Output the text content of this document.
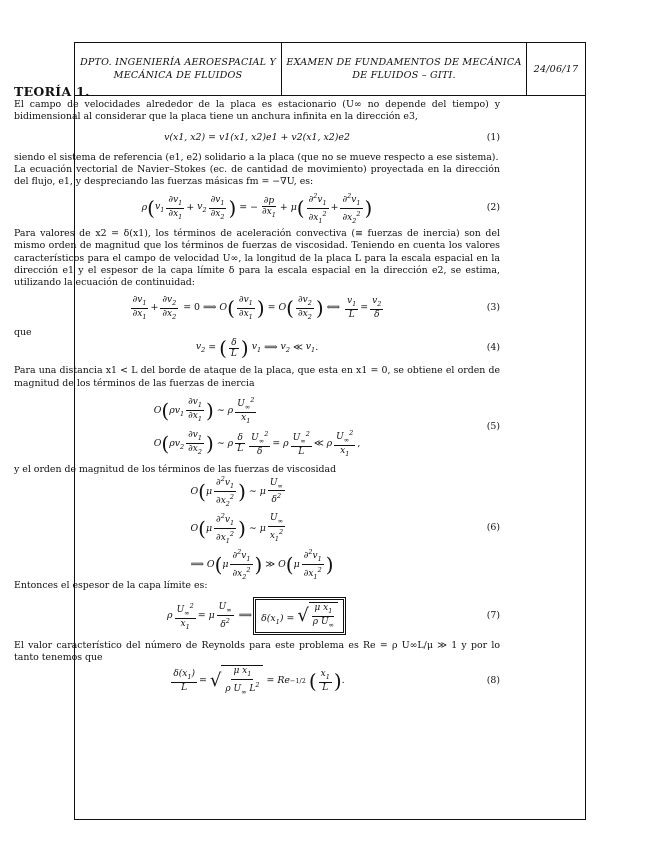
DPTO. INGENIERÍA AEROESPACIAL Y MECÁNICA DE FLUIDOS
EXAMEN DE FUNDAMENTOS DE MECÁNICA DE FLUIDOS – GITI.
24/06/17
TEORÍA 1.

El campo de velocidades alrededor de la placa es estacionario (U∞ no depende del tiempo) y bidimensional al considerar que la placa tiene un anchura infinita en la dirección e3,

v(x1, x2) = v1(x1, x2)e1 + v2(x1, x2)e2	(1)

siendo el sistema de referencia (e1, e2) solidario a la placa (que no se mueve respecto a ese sistema).

La ecuación vectorial de Navier–Stokes (ec. de cantidad de movimiento) proyectada en la dirección del flujo, e1, y despreciando las fuerzas másicas fm = −∇U, es:

ρ ( $v_1 \frac{\partial v_1}{\partial x_1} + v_2 \frac{\partial v_1}{\partial x_2}$ ) = − $\frac{\partial p}{\partial x_1} + \mu$ ( $\frac{\partial^2v_1}{\partial x_1^2} + \frac{\partial^2v_1}{\partial x_2^2}$ )	(2)

Para valores de x2 = δ(x1), los términos de aceleración convectiva (≡ fuerzas de inercia) son del mismo orden de magnitud que los términos de fuerzas de viscosidad. Teniendo en cuenta los valores característicos para el campo de velocidad U∞, la longitud de la placa L para la escala espacial en la dirección e1 y el espesor de la capa límite δ para la escala espacial en la dirección e2, se estima, utilizando la ecuación de continuidad:

$\frac{\partial v_1}{\partial x_1} + \frac{\partial v_2}{\partial x_2} = 0$ ⟹ O ( $\frac{\partial v_1}{\partial x_1}$ ) = O ( $\frac{\partial v_2}{\partial x_2}$ ) ⟺ $\frac{v_1}{L} = \frac{v_2}{\delta}$	(3)

que

$v_2$ = ( $\frac{\delta}{L}$ )
$v_1$ ⟹ $v_2$ ≪ $v_1$ .	(4)

Para una distancia x1 < L del borde de ataque de la placa, que esta en x1 = 0, se obtiene el orden de magnitud de los términos de las fuerzas de inercia

$O(\rho v_1 \frac{\partial v_1}{\partial x_1}$ ) ∼ ρ $\frac{U_\infty^2}{x_1}$
$O(\rho v_2 \frac{\partial v_1}{\partial x_2}$ ) ∼ ρ $\frac{\delta}{L} \frac{U_\infty^2}{\delta} = \rho \frac{U_\infty^2}{L}$ ≪ ρ $\frac{U_\infty^2}{x_1}$ ,
(5)

y el orden de magnitud de los términos de las fuerzas de viscosidad

$O(\mu \frac{\partial^2v_1}{\partial x_2^2}$ ) ∼ μ $\frac{U_\infty}{\delta^2}$
$O(\mu \frac{\partial^2v_1}{\partial x_1^2}$ ) ∼ μ $\frac{U_\infty}{x_1^2}$
⟹ $O(\mu \frac{\partial^2v_1}{\partial x_2^2}$ ) ≫ $O(\mu \frac{\partial^2v_1}{\partial x_1^2}$ )
(6)

Entonces el espesor de la capa límite es:

ρ $\frac{U_\infty^2}{x_1} = \mu \frac{U_\infty}{\delta^2}$ ⟹ $\delta(x_1)$ = √ $\frac{\mu x_1}{\rho U_\infty}$ .	(7)

El valor característico del número de Reynolds para este problema es Re = ρ U∞L/μ ≫ 1 y por lo tanto tenemos que

$\frac{\delta(x_1)}{L}$ = √ $\frac{\mu x_1}{\rho U_\infty L^2} = Re -1/2$
( $\frac{x_1}{L}$ ) .	(8)
